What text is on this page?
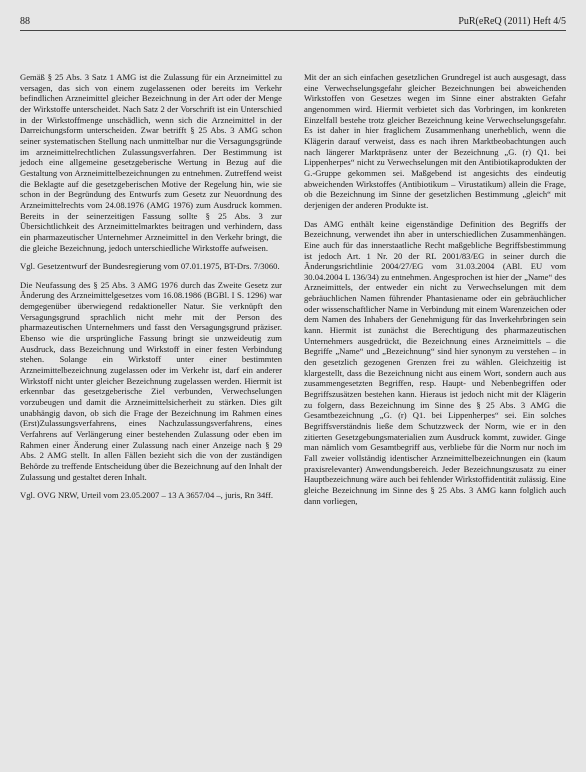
88	PuR(eReQ (2011) Heft 4/5

Gemäß § 25 Abs. 3 Satz 1 AMG ist die Zulassung für ein Arzneimittel zu versagen, das sich von einem zugelassenen oder bereits im Verkehr befindlichen Arzneimittel gleicher Bezeichnung in der Art oder der Menge der Wirkstoffe unterscheidet. Nach Satz 2 der Vorschrift ist ein Unterschied in der Wirkstoffmenge unschädlich, wenn sich die Arzneimittel in der Darreichungsform unterscheiden. Zwar betrifft § 25 Abs. 3 AMG schon seiner systematischen Stellung nach unmittelbar nur die Versagungsgründe im arzneimittelrechtlichen Zulassungsverfahren. Der Bestimmung ist jedoch eine allgemeine gesetzgeberische Wertung in Bezug auf die Gestaltung von Arzneimittelbezeichnungen zu entnehmen. Zutreffend weist die Beklagte auf die gesetzgeberischen Motive der Regelung hin, wie sie schon in der Begründung des Entwurfs zum Gesetz zur Neuordnung des Arzneimittelrechts vom 24.08.1976 (AMG 1976) zum Ausdruck kommen. Bereits in der seinerzeitigen Fassung sollte § 25 Abs. 3 zur Übersichtlichkeit des Arzneimittelmarktes beitragen und verhindern, dass ein pharmazeutischer Unternehmer Arzneimittel in den Verkehr bringt, die die gleiche Bezeichnung, jedoch unterschiedliche Wirkstoffe aufweisen.

Vgl. Gesetzentwurf der Bundesregierung vom 07.01.1975, BT-Drs. 7/3060.

Die Neufassung des § 25 Abs. 3 AMG 1976 durch das Zweite Gesetz zur Änderung des Arzneimittelgesetzes vom 16.08.1986 (BGBl. I S. 1296) war demgegenüber überwiegend redaktioneller Natur. Sie verknüpft den Versagungsgrund sprachlich nicht mehr mit der Person des pharmazeutischen Unternehmers und fasst den Versagungsgrund präziser. Ebenso wie die ursprüngliche Fassung bringt sie unzweideutig zum Ausdruck, dass Bezeichnung und Wirkstoff in einer festen Verbindung stehen. Solange ein Wirkstoff unter einer bestimmten Arzneimittelbezeichnung zugelassen oder im Verkehr ist, darf ein anderer Wirkstoff nicht unter gleicher Bezeichnung zugelassen werden. Hiermit ist erkennbar das gesetzgeberische Ziel verbunden, Verwechselungen vorzubeugen und damit die Arzneimittelsicherheit zu stärken. Dies gilt unabhängig davon, ob sich die Frage der Bezeichnung im Rahmen eines (Erst)Zulassungsverfahrens, eines Nachzulassungsverfahrens, eines Verfahrens auf Verlängerung einer bestehenden Zulassung oder eben im Rahmen einer Änderung einer Zulassung nach einer Anzeige nach § 29 Abs. 2 AMG stellt. In allen Fällen bezieht sich die von der zuständigen Behörde zu treffende Entscheidung über die Bezeichnung auf den Inhalt der Zulassung und gestaltet deren Inhalt.

Vgl. OVG NRW, Urteil vom 23.05.2007 – 13 A 3657/04 –, juris, Rn 34ff.

Mit der an sich einfachen gesetzlichen Grundregel ist auch ausgesagt, dass eine Verwechselungsgefahr gleicher Bezeichnungen bei abweichenden Wirkstoffen von Gesetzes wegen im Sinne einer abstrakten Gefahr angenommen wird. Hiermit verbietet sich das Vorbringen, im konkreten Einzelfall bestehe trotz gleicher Bezeichnung keine Verwechselungsgefahr. Es ist daher in hier fraglichem Zusammenhang unerheblich, wenn die Klägerin darauf verweist, dass es nach ihren Marktbeobachtungen auch nach längerer Marktpräsenz unter der Bezeichnung „G. (r) Q1. bei Lippenherpes“ nicht zu Verwechselungen mit den Antibiotikaprodukten der G.-Gruppe gekommen sei. Maßgebend ist angesichts des eindeutig abweichenden Wirkstoffes (Antibiotikum – Virustatikum) allein die Frage, ob die Bezeichnung im Sinne der gesetzlichen Bestimmung „gleich“ mit derjenigen der anderen Produkte ist.

Das AMG enthält keine eigenständige Definition des Begriffs der Bezeichnung, verwendet ihn aber in unterschiedlichen Zusammenhängen. Eine auch für das innerstaatliche Recht maßgebliche Begriffsbestimmung ist jedoch Art. 1 Nr. 20 der RL 2001/83/EG in seiner durch die Änderungsrichtlinie 2004/27/EG vom 31.03.2004 (ABl. EU vom 30.04.2004 L 136/34) zu entnehmen. Angesprochen ist hier der „Name“ des Arzneimittels, der entweder ein nicht zu Verwechselungen mit dem gebräuchlichen Namen führender Phantasiename oder ein gebräuchlicher oder wissenschaftlicher Name in Verbindung mit einem Warenzeichen oder dem Namen des Inhabers der Genehmigung für das Inverkehrbringen sein kann. Hiermit ist zunächst die Berechtigung des pharmazeutischen Unternehmers ausgedrückt, die Bezeichnung eines Arzneimittels – die Begriffe „Name“ und „Bezeichnung“ sind hier synonym zu verstehen – in den gesetzlich gezogenen Grenzen frei zu wählen. Gleichzeitig ist klargestellt, dass die Bezeichnung nicht aus einem Wort, sondern auch aus zusammengesetzten Begriffen, resp. Haupt- und Nebenbegriffen oder Begriffszusätzen bestehen kann. Hieraus ist jedoch nicht mit der Klägerin zu folgern, dass Bezeichnung im Sinne des § 25 Abs. 3 AMG die Gesamtbezeichnung „G. (r) Q1. bei Lippenherpes“ sei. Ein solches Begriffsverständnis ließe dem Schutzzweck der Norm, wie er in den zitierten Gesetzgebungsmaterialien zum Ausdruck kommt, zuwider. Ginge man nämlich vom Gesamtbegriff aus, verbliebe für die Norm nur noch im Fall zweier vollständig identischer Arzneimittelbezeichnungen ein (kaum praxisrelevanter) Anwendungsbereich. Jeder Bezeichnungszusatz zu einer Hauptbezeichnung wäre auch bei fehlender Wirkstoffidentität zulässig. Eine gleiche Bezeichnung im Sinne des § 25 Abs. 3 AMG kann folglich auch dann vorliegen,
